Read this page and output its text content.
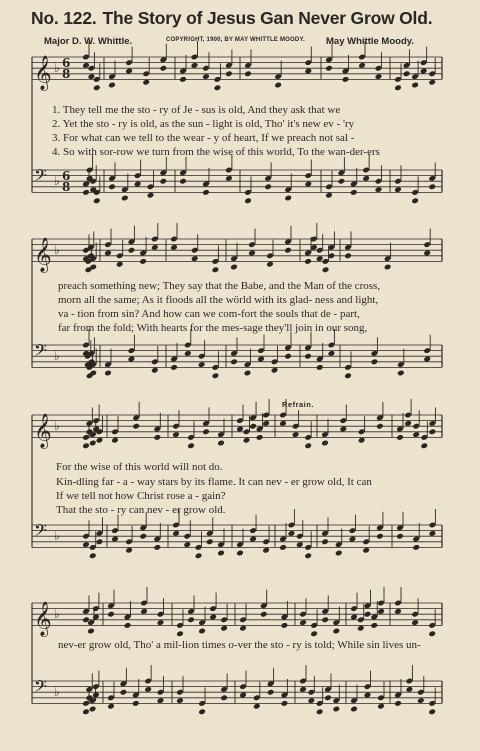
No. 122. The Story of Jesus Gan Never Grow Old.
Major D. W. Whittle.	COPYRIGHT, 1900, BY MAY WHITTLE MOODY. May Whittle Moody.
𝄞 ♭ 6
8
𝄢 ♭ 6
8
𝄞 ♭
𝄢 ♭
𝄞 ♭
𝄢 ♭
𝄞 ♭
𝄢 ♭
Refrain.
1. They tell me the sto - ry of Je - sus is old, And they ask that we
2. Yet the sto - ry is old, as the sun - light is old, Tho' it's new ev - 'ry
3. For what can we tell to the wear - y of heart, If we preach not sal -
4. So with sor-row we turn from the wise of this world, To the wan-der-ers
preach something new; They say that the Babe, and the Man of the cross,
morn all the same; As it floods all the wörld with its glad- ness and light,
va - tion from sin? And how can we com-fort the souls that de - part,
far from the fold; With hearts for the mes-sage they'll join in our song,
For the wise of this world will not do.
Kin-dling far - a - way stars by its flame. It can nev - er grow old, It can
If we tell not how Christ rose a - gain?
That the sto - ry can nev - er grow old.
nev-er grow old, Tho' a mil-lion times o-ver the sto - ry is told; While sin lives un-
